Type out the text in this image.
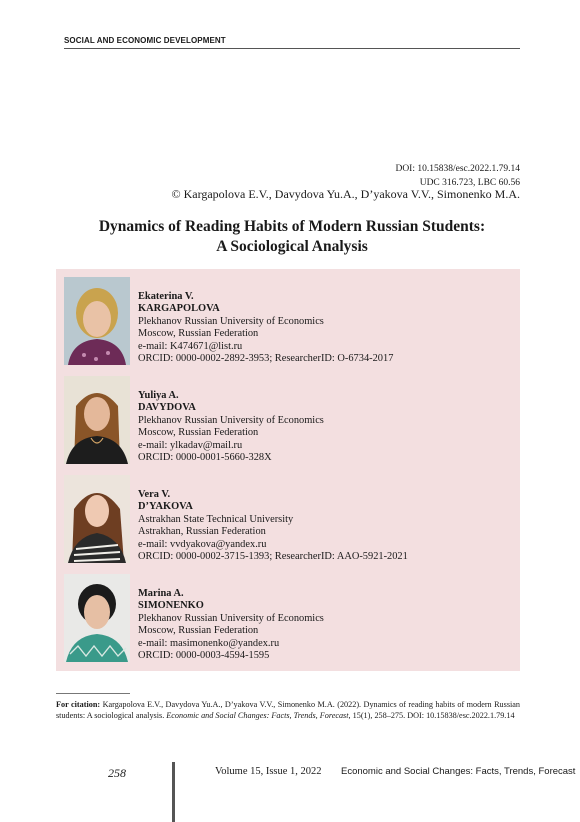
SOCIAL AND ECONOMIC DEVELOPMENT
DOI: 10.15838/esc.2022.1.79.14
UDC 316.723, LBC 60.56
© Kargapolova E.V., Davydova Yu.A., D’yakova V.V., Simonenko M.A.
Dynamics of Reading Habits of Modern Russian Students:
A Sociological Analysis
Ekaterina V.
KARGAPOLOVA
Plekhanov Russian University of Economics
Moscow, Russian Federation
e-mail: K474671@list.ru
ORCID: 0000-0002-2892-3953; ResearcherID: O-6734-2017
Yuliya A.
DAVYDOVA
Plekhanov Russian University of Economics
Moscow, Russian Federation
e-mail: ylkadav@mail.ru
ORCID: 0000-0001-5660-328X
Vera V.
D’YAKOVA
Astrakhan State Technical University
Astrakhan, Russian Federation
e-mail: vvdyakova@yandex.ru
ORCID: 0000-0002-3715-1393; ResearcherID: AAO-5921-2021
Marina A.
SIMONENKO
Plekhanov Russian University of Economics
Moscow, Russian Federation
e-mail: masimonenko@yandex.ru
ORCID: 0000-0003-4594-1595
For citation: Kargapolova E.V., Davydova Yu.A., D’yakova V.V., Simonenko M.A. (2022). Dynamics of reading habits of modern Russian students: A sociological analysis. Economic and Social Changes: Facts, Trends, Forecast, 15(1), 258–275. DOI: 10.15838/esc.2022.1.79.14
258	Volume 15, Issue 1, 2022 Economic and Social Changes: Facts, Trends, Forecast
